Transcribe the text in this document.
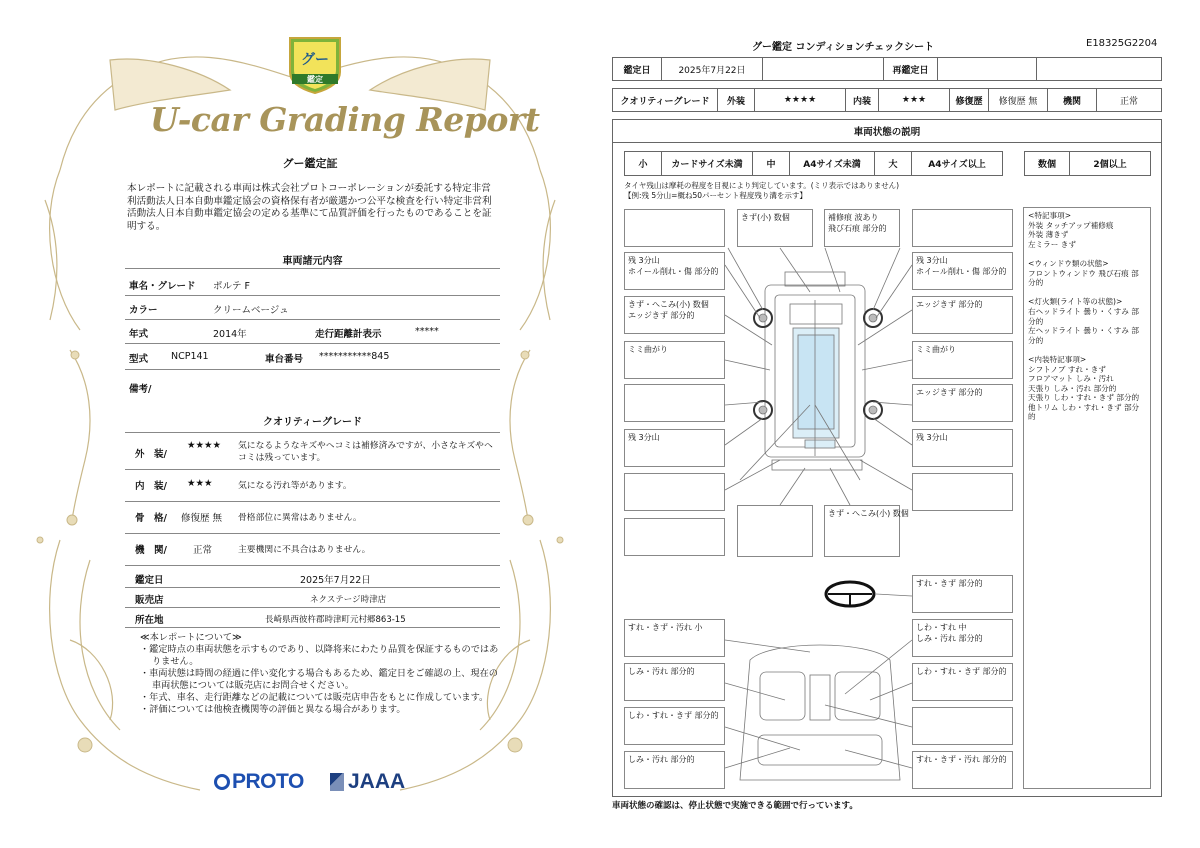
グー
鑑定
U-car Grading Report
グー鑑定証
本レポートに記載される車両は株式会社プロトコーポレーションが委託する特定非営利活動法人日本自動車鑑定協会の資格保有者が厳選かつ公平な検査を行い特定非営利活動法人日本自動車鑑定協会の定める基準にて品質評価を行ったものであることを証明する。
車両諸元内容
車名・グレード ポルテ F
カラー	クリームベージュ
年式	2014年	走行距離計表示	*****
型式 NCP141	車台番号 ***********845
備考/
クオリティーグレード
外　装/
★★★★ 気になるようなキズやヘコミは補修済みですが、小さなキズやヘコミは残っています。
内　装/ ★★★	気になる汚れ等があります。
骨　格/ 修復歴 無 骨格部位に異常はありません。
機　関/	正常	主要機関に不具合はありません。
鑑定日	2025年7月22日
販売店	ネクステージ時津店
所在地	長崎県西彼杵郡時津町元村郷863-15
≪本レポートについて≫
・鑑定時点の車両状態を示すものであり、以降将来にわたり品質を保証するものではありません。
・車両状態は時間の経過に伴い変化する場合もあるため、鑑定日をご確認の上、現在の車両状態については販売店にお問合せください。
・年式、車名、走行距離などの記載については販売店申告をもとに作成しています。
・評価については他検査機関等の評価と異なる場合があります。
PROTO	JAAA
グー鑑定 コンディションチェックシート	E18325G2204
鑑定日	2025年7月22日	再鑑定日
クオリティーグレード	外装	★★★★	内装	★★★	修復歴	修復歴 無	機関	正常
車両状態の説明
小	カードサイズ未満	中	A4サイズ未満	大	A4サイズ以上	数個	2個以上
タイヤ残山は摩耗の程度を目視により判定しています。(ミリ表示ではありません)
【例:残 5分山=概ね50パーセント程度残り溝を示す】
残 3分山
ホイール削れ・傷 部分的
きず・へこみ(小) 数個
エッジきず 部分的
ミミ曲がり
残 3分山
きず(小) 数個	補修痕 波あり
飛び石痕 部分的
きず・へこみ(小) 数個
残 3分山
ホイール削れ・傷 部分的
エッジきず 部分的
ミミ曲がり
エッジきず 部分的
残 3分山
すれ・きず 部分的
すれ・きず・汚れ 小	しわ・すれ 中
しみ・汚れ 部分的
しみ・汚れ 部分的	しわ・すれ・きず 部分的
しわ・すれ・きず 部分的
しみ・汚れ 部分的	すれ・きず・汚れ 部分的
<特記事項>
外装 タッチアップ補修痕
外装 薄きず
左ミラー きず
<ウィンドウ類の状態>
フロントウィンドウ 飛び石痕 部分的
<灯火類(ライト等の状態)>
右ヘッドライト 曇り・くすみ 部分的
左ヘッドライト 曇り・くすみ 部分的
<内装特記事項>
シフトノブ すれ・きず
フロアマット しみ・汚れ
天張り しみ・汚れ 部分的
天張り しわ・すれ・きず 部分的
他トリム しわ・すれ・きず 部分的
車両状態の確認は、停止状態で実施できる範囲で行っています。
